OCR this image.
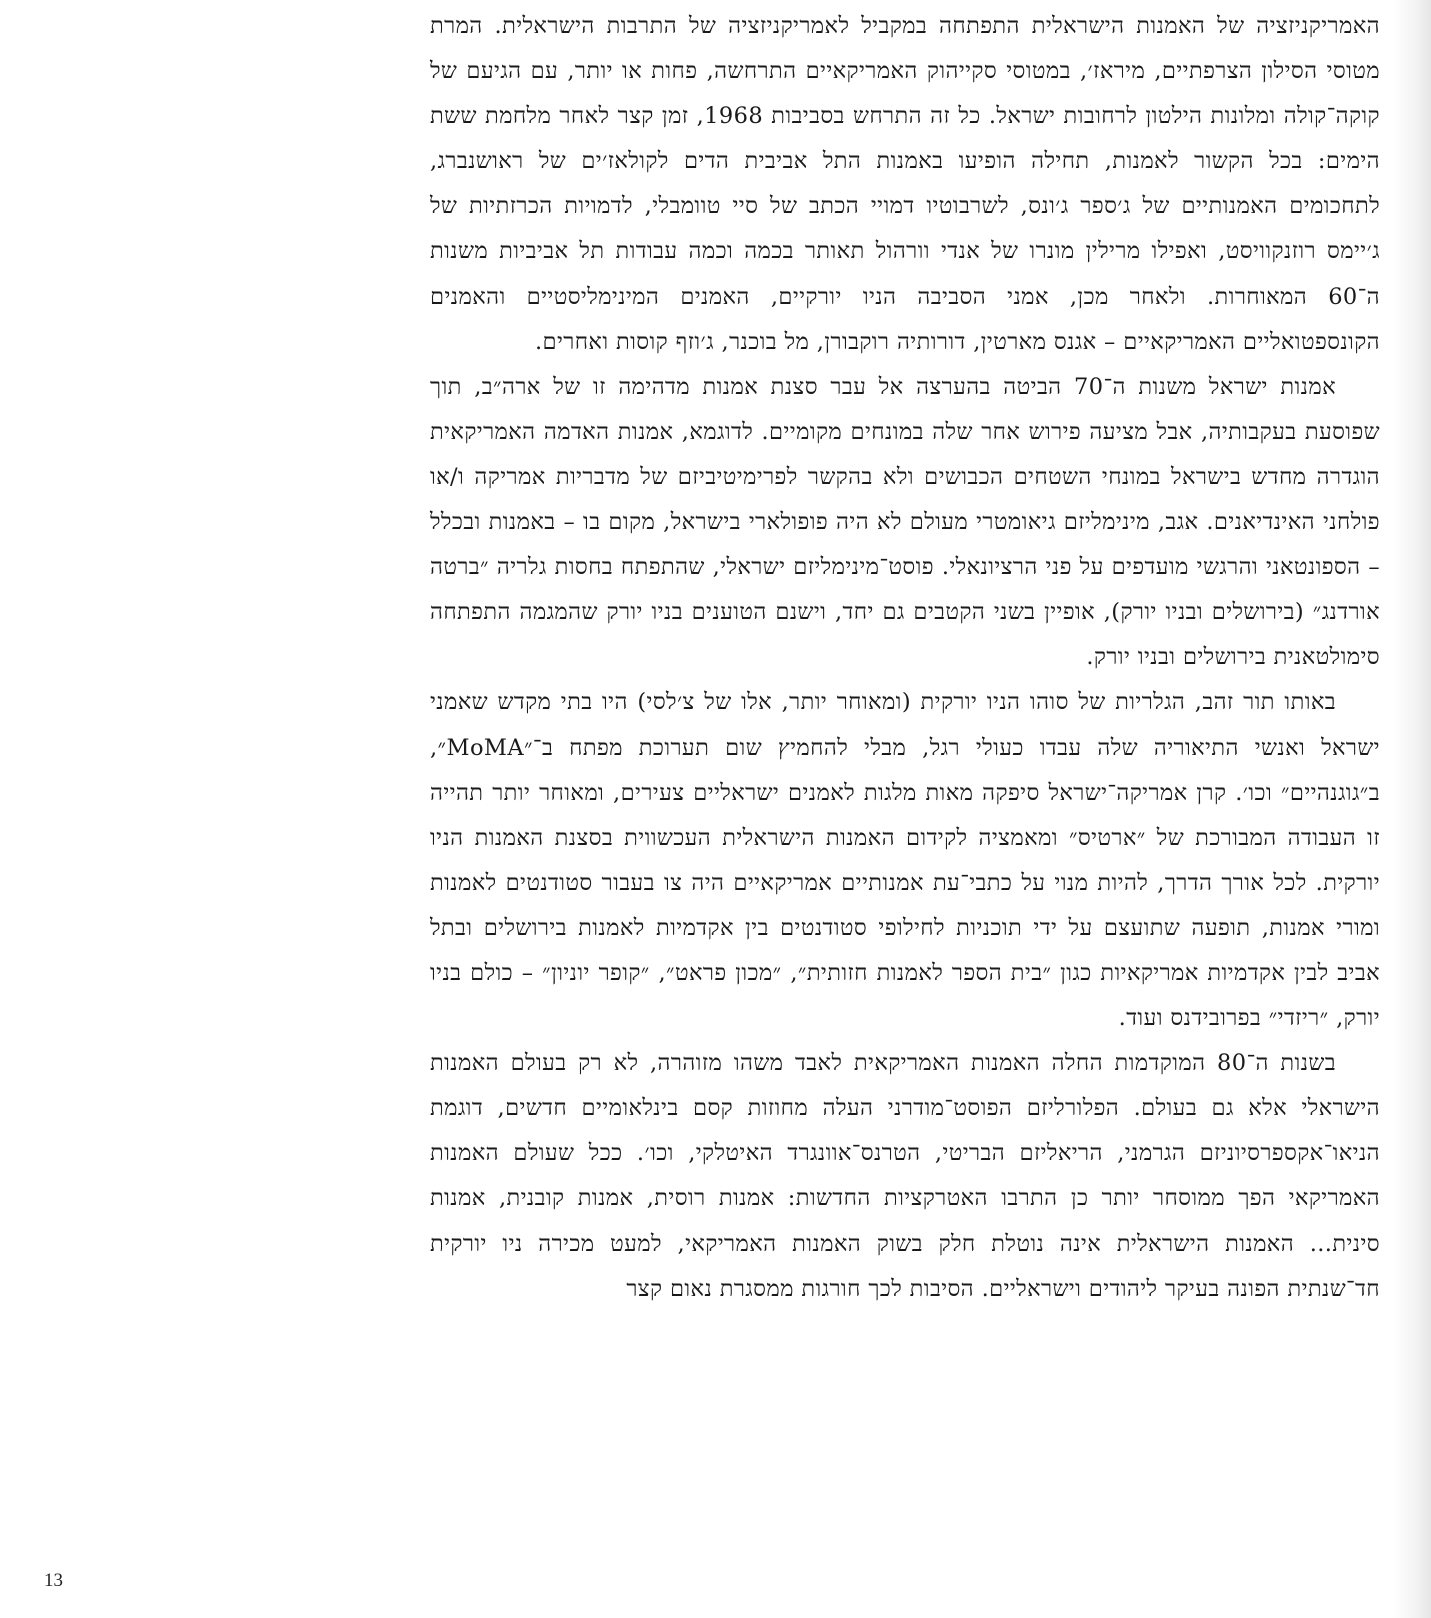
האמריקניזציה של האמנות הישראלית התפתחה במקביל לאמריקניזציה של התרבות הישראלית. המרת מטוסי הסילון הצרפתיים, מיראז׳, במטוסי סקייהוק האמריקאיים התרחשה, פחות או יותר, עם הגיעם של קוקה־קולה ומלונות הילטון לרחובות ישראל. כל זה התרחש בסביבות 1968, זמן קצר לאחר מלחמת ששת הימים: בכל הקשור לאמנות, תחילה הופיעו באמנות התל אביבית הדים לקולאז׳ים של ראושנברג, לתחכומים האמנותיים של ג׳ספר ג׳ונס, לשרבוטיו דמויי הכתב של סיי טוומבלי, לדמויות הכרזתיות של ג׳יימס רוזנקוויסט, ואפילו מרילין מונרו של אנדי וורהול תאותר בכמה וכמה עבודות תל אביביות משנות ה־60 המאוחרות. ולאחר מכן, אמני הסביבה הניו יורקיים, האמנים המינימליסטיים והאמנים הקונספטואליים האמריקאיים – אגנס מארטין, דורותיה רוקבורן, מל בוכנר, ג׳וזף קוסות ואחרים.

אמנות ישראל משנות ה־70 הביטה בהערצה אל עבר סצנת אמנות מדהימה זו של ארה״ב, תוך שפוסעת בעקבותיה, אבל מציעה פירוש אחר שלה במונחים מקומיים. לדוגמא, אמנות האדמה האמריקאית הוגדרה מחדש בישראל במונחי השטחים הכבושים ולא בהקשר לפרימיטיביזם של מדבריות אמריקה ו/או פולחני האינדיאנים. אגב, מינימליזם גיאומטרי מעולם לא היה פופולארי בישראל, מקום בו – באמנות ובכלל – הספונטאני והרגשי מועדפים על פני הרציונאלי. פוסט־מינימליזם ישראלי, שהתפתח בחסות גלריה ״ברטה אורדנג״ (בירושלים ובניו יורק), אופיין בשני הקטבים גם יחד, וישנם הטוענים בניו יורק שהמגמה התפתחה סימולטאנית בירושלים ובניו יורק.

באותו תור זהב, הגלריות של סוהו הניו יורקית (ומאוחר יותר, אלו של צ׳לסי) היו בתי מקדש שאמני ישראל ואנשי התיאוריה שלה עבדו כעולי רגל, מבלי להחמיץ שום תערוכת מפתח ב־״MoMA״, ב״גוגנהיים״ וכו׳. קרן אמריקה־ישראל סיפקה מאות מלגות לאמנים ישראליים צעירים, ומאוחר יותר תהייה זו העבודה המבורכת של ״ארטיס״ ומאמציה לקידום האמנות הישראלית העכשווית בסצנת האמנות הניו יורקית. לכל אורך הדרך, להיות מנוי על כתבי־עת אמנותיים אמריקאיים היה צו בעבור סטודנטים לאמנות ומורי אמנות, תופעה שתועצם על ידי תוכניות לחילופי סטודנטים בין אקדמיות לאמנות בירושלים ובתל אביב לבין אקדמיות אמריקאיות כגון ״בית הספר לאמנות חזותית״, ״מכון פראט״, ״קופר יוניון״ – כולם בניו יורק, ״ריזדי״ בפרובידנס ועוד.

בשנות ה־80 המוקדמות החלה האמנות האמריקאית לאבד משהו מזוהרה, לא רק בעולם האמנות הישראלי אלא גם בעולם. הפלורליזם הפוסט־מודרני העלה מחוזות קסם בינלאומיים חדשים, דוגמת הניאו־אקספרסיוניזם הגרמני, הריאליזם הבריטי, הטרנס־אוונגרד האיטלקי, וכו׳. ככל שעולם האמנות האמריקאי הפך ממוסחר יותר כן התרבו האטרקציות החדשות: אמנות רוסית, אמנות קובנית, אמנות סינית... האמנות הישראלית אינה נוטלת חלק בשוק האמנות האמריקאי, למעט מכירה ניו יורקית חד־שנתית הפונה בעיקר ליהודים וישראליים. הסיבות לכך חורגות ממסגרת נאום קצר

13
